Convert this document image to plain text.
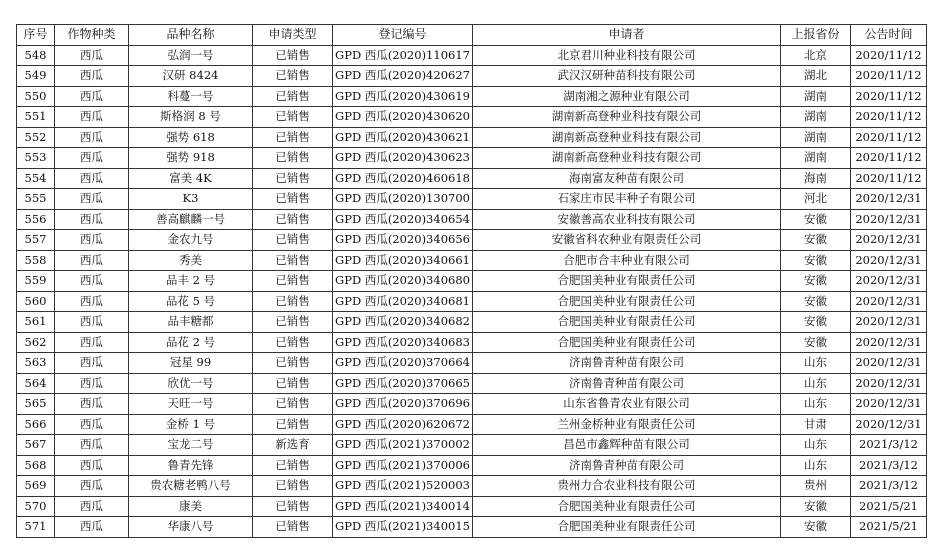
序号	作物种类	品种名称	申请类型	登记编号	申请者	上报省份	公告时间
548	西瓜	弘润一号	已销售	GPD 西瓜(2020)110617	北京君川种业科技有限公司	北京	2020/11/12
549	西瓜	汉研 8424	已销售	GPD 西瓜(2020)420627	武汉汉研种苗科技有限公司	湖北	2020/11/12
550	西瓜	科蔓一号	已销售	GPD 西瓜(2020)430619	湖南湘之源种业有限公司	湖南	2020/11/12
551	西瓜	斯格润 8 号	已销售	GPD 西瓜(2020)430620	湖南新高登种业科技有限公司	湖南	2020/11/12
552	西瓜	强势 618	已销售	GPD 西瓜(2020)430621	湖南新高登种业科技有限公司	湖南	2020/11/12
553	西瓜	强势 918	已销售	GPD 西瓜(2020)430623	湖南新高登种业科技有限公司	湖南	2020/11/12
554	西瓜	富美 4K	已销售	GPD 西瓜(2020)460618	海南富友种苗有限公司	海南	2020/11/12
555	西瓜	K3	已销售	GPD 西瓜(2020)130700	石家庄市民丰种子有限公司	河北	2020/12/31
556	西瓜	善高麒麟一号	已销售	GPD 西瓜(2020)340654	安徽善高农业科技有限公司	安徽	2020/12/31
557	西瓜	金农九号	已销售	GPD 西瓜(2020)340656	安徽省科农种业有限责任公司	安徽	2020/12/31
558	西瓜	秀美	已销售	GPD 西瓜(2020)340661	合肥市合丰种业有限公司	安徽	2020/12/31
559	西瓜	品丰 2 号	已销售	GPD 西瓜(2020)340680	合肥国美种业有限责任公司	安徽	2020/12/31
560	西瓜	品花 5 号	已销售	GPD 西瓜(2020)340681	合肥国美种业有限责任公司	安徽	2020/12/31
561	西瓜	品丰糖都	已销售	GPD 西瓜(2020)340682	合肥国美种业有限责任公司	安徽	2020/12/31
562	西瓜	品花 2 号	已销售	GPD 西瓜(2020)340683	合肥国美种业有限责任公司	安徽	2020/12/31
563	西瓜	冠星 99	已销售	GPD 西瓜(2020)370664	济南鲁青种苗有限公司	山东	2020/12/31
564	西瓜	欣优一号	已销售	GPD 西瓜(2020)370665	济南鲁青种苗有限公司	山东	2020/12/31
565	西瓜	天旺一号	已销售	GPD 西瓜(2020)370696	山东省鲁青农业有限公司	山东	2020/12/31
566	西瓜	金桥 1 号	已销售	GPD 西瓜(2020)620672	兰州金桥种业有限责任公司	甘肃	2020/12/31
567	西瓜	宝龙二号	新选育	GPD 西瓜(2021)370002	昌邑市鑫辉种苗有限公司	山东	2021/3/12
568	西瓜	鲁青先锋	已销售	GPD 西瓜(2021)370006	济南鲁青种苗有限公司	山东	2021/3/12
569	西瓜	贵农糖老鸭八号	已销售	GPD 西瓜(2021)520003	贵州力合农业科技有限公司	贵州	2021/3/12
570	西瓜	康美	已销售	GPD 西瓜(2021)340014	合肥国美种业有限责任公司	安徽	2021/5/21
571	西瓜	华康八号	已销售	GPD 西瓜(2021)340015	合肥国美种业有限责任公司	安徽	2021/5/21
